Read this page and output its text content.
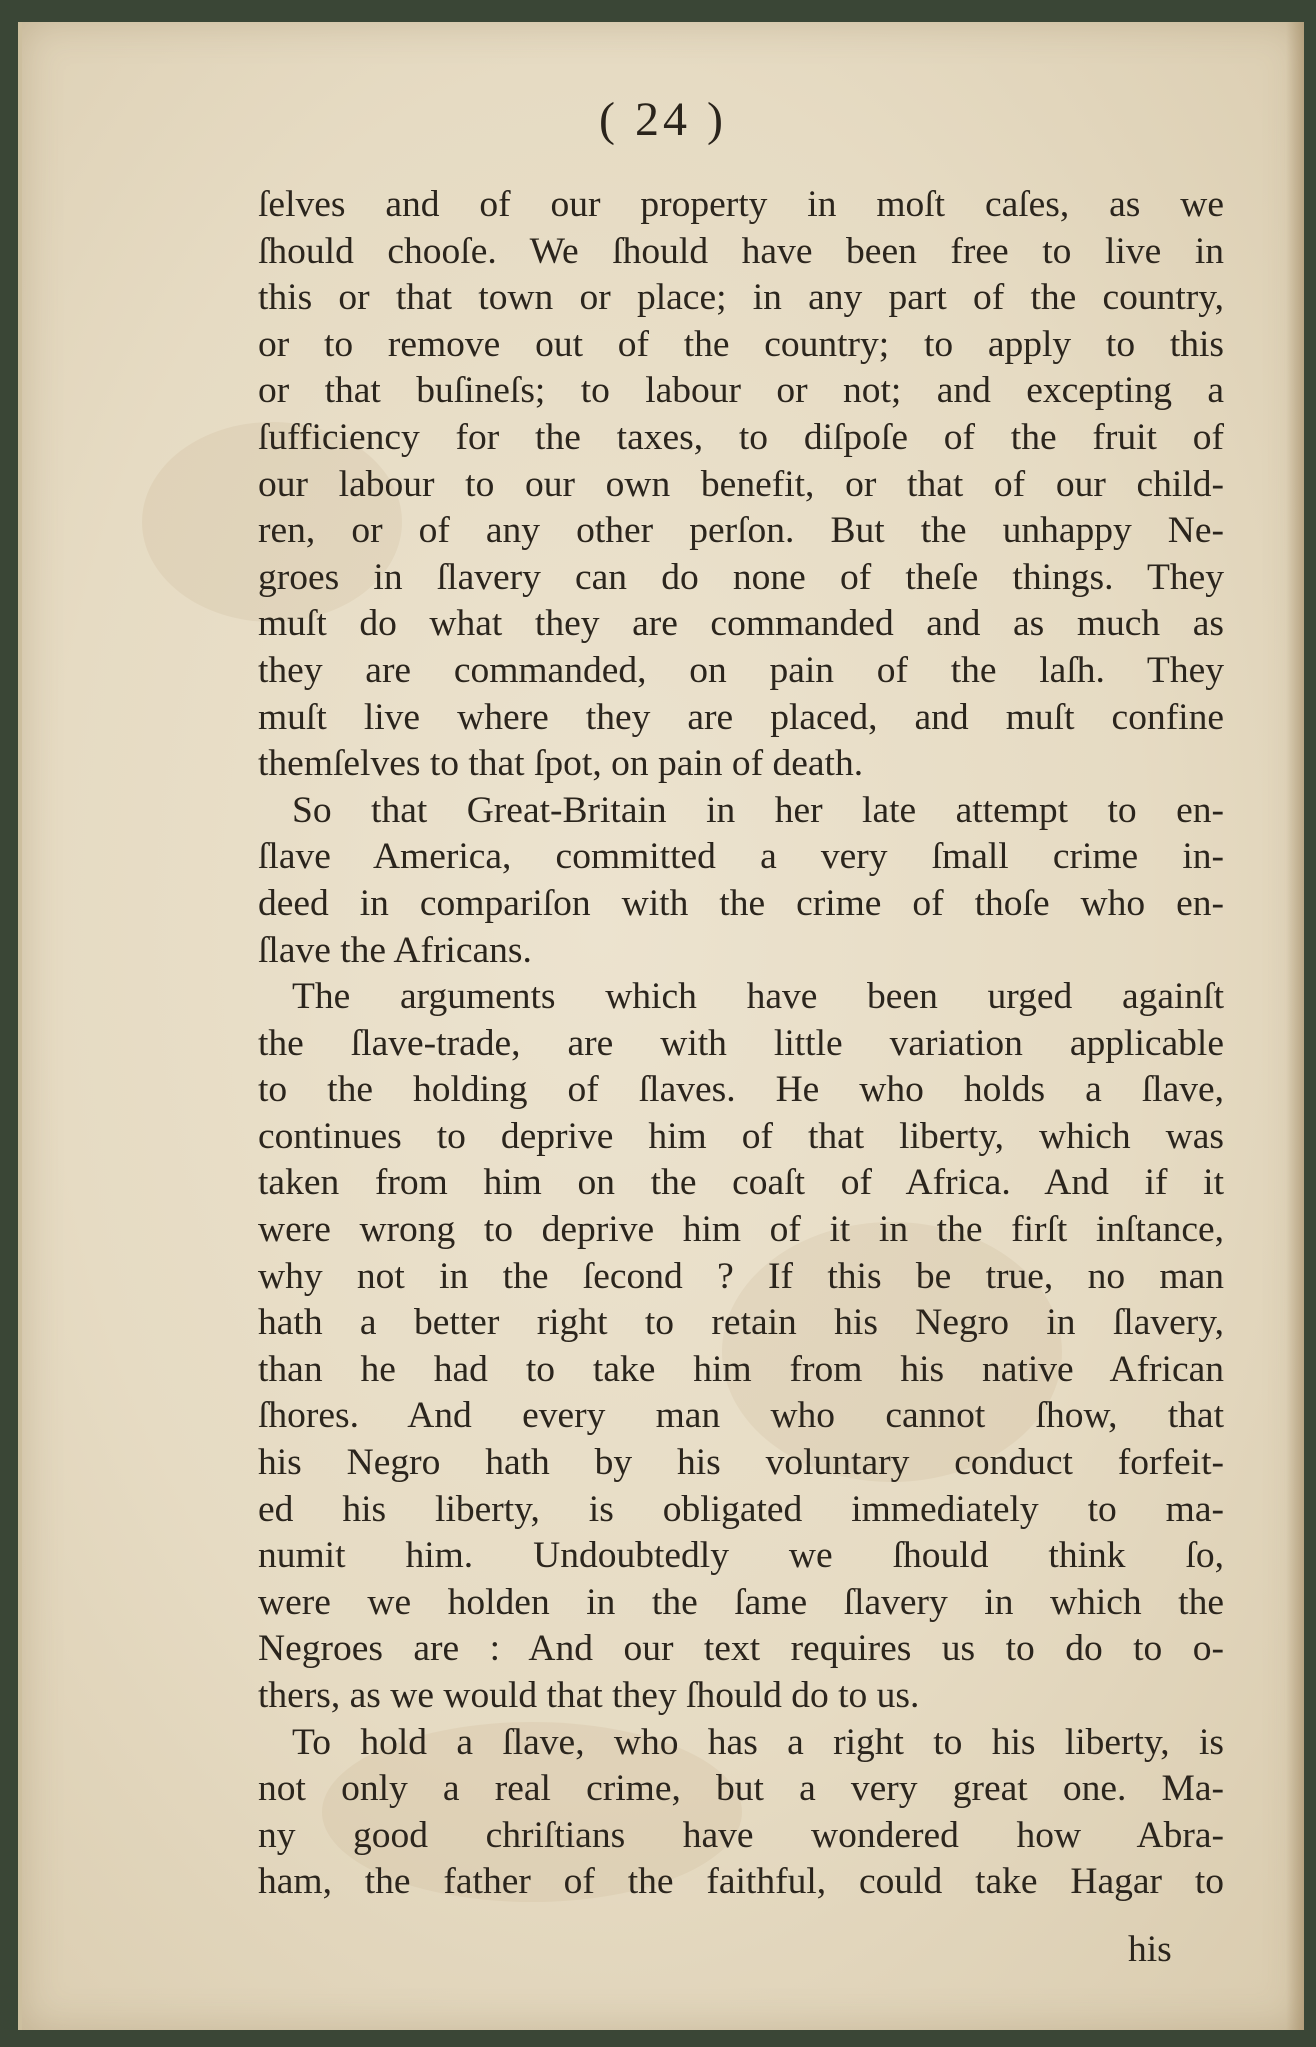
( 24 )
ſelves and of our property in moſt caſes, as we
ſhould chooſe. We ſhould have been free to live in
this or that town or place; in any part of the country,
or to remove out of the country; to apply to this
or that buſineſs; to labour or not; and excepting a
ſufficiency for the taxes, to diſpoſe of the fruit of
our labour to our own benefit, or that of our child-
ren, or of any other perſon. But the unhappy Ne-
groes in ſlavery can do none of theſe things. They
muſt do what they are commanded and as much as
they are commanded, on pain of the laſh. They
muſt live where they are placed, and muſt confine
themſelves to that ſpot, on pain of death.
So that Great-Britain in her late attempt to en-
ſlave America, committed a very ſmall crime in-
deed in compariſon with the crime of thoſe who en-
ſlave the Africans.
The arguments which have been urged againſt
the ſlave-trade, are with little variation applicable
to the holding of ſlaves. He who holds a ſlave,
continues to deprive him of that liberty, which was
taken from him on the coaſt of Africa. And if it
were wrong to deprive him of it in the firſt inſtance,
why not in the ſecond ? If this be true, no man
hath a better right to retain his Negro in ſlavery,
than he had to take him from his native African
ſhores. And every man who cannot ſhow, that
his Negro hath by his voluntary conduct forfeit-
ed his liberty, is obligated immediately to ma-
numit him. Undoubtedly we ſhould think ſo,
were we holden in the ſame ſlavery in which the
Negroes are : And our text requires us to do to o-
thers, as we would that they ſhould do to us.
To hold a ſlave, who has a right to his liberty, is
not only a real crime, but a very great one. Ma-
ny good chriſtians have wondered how Abra-
ham, the father of the faithful, could take Hagar to
his
